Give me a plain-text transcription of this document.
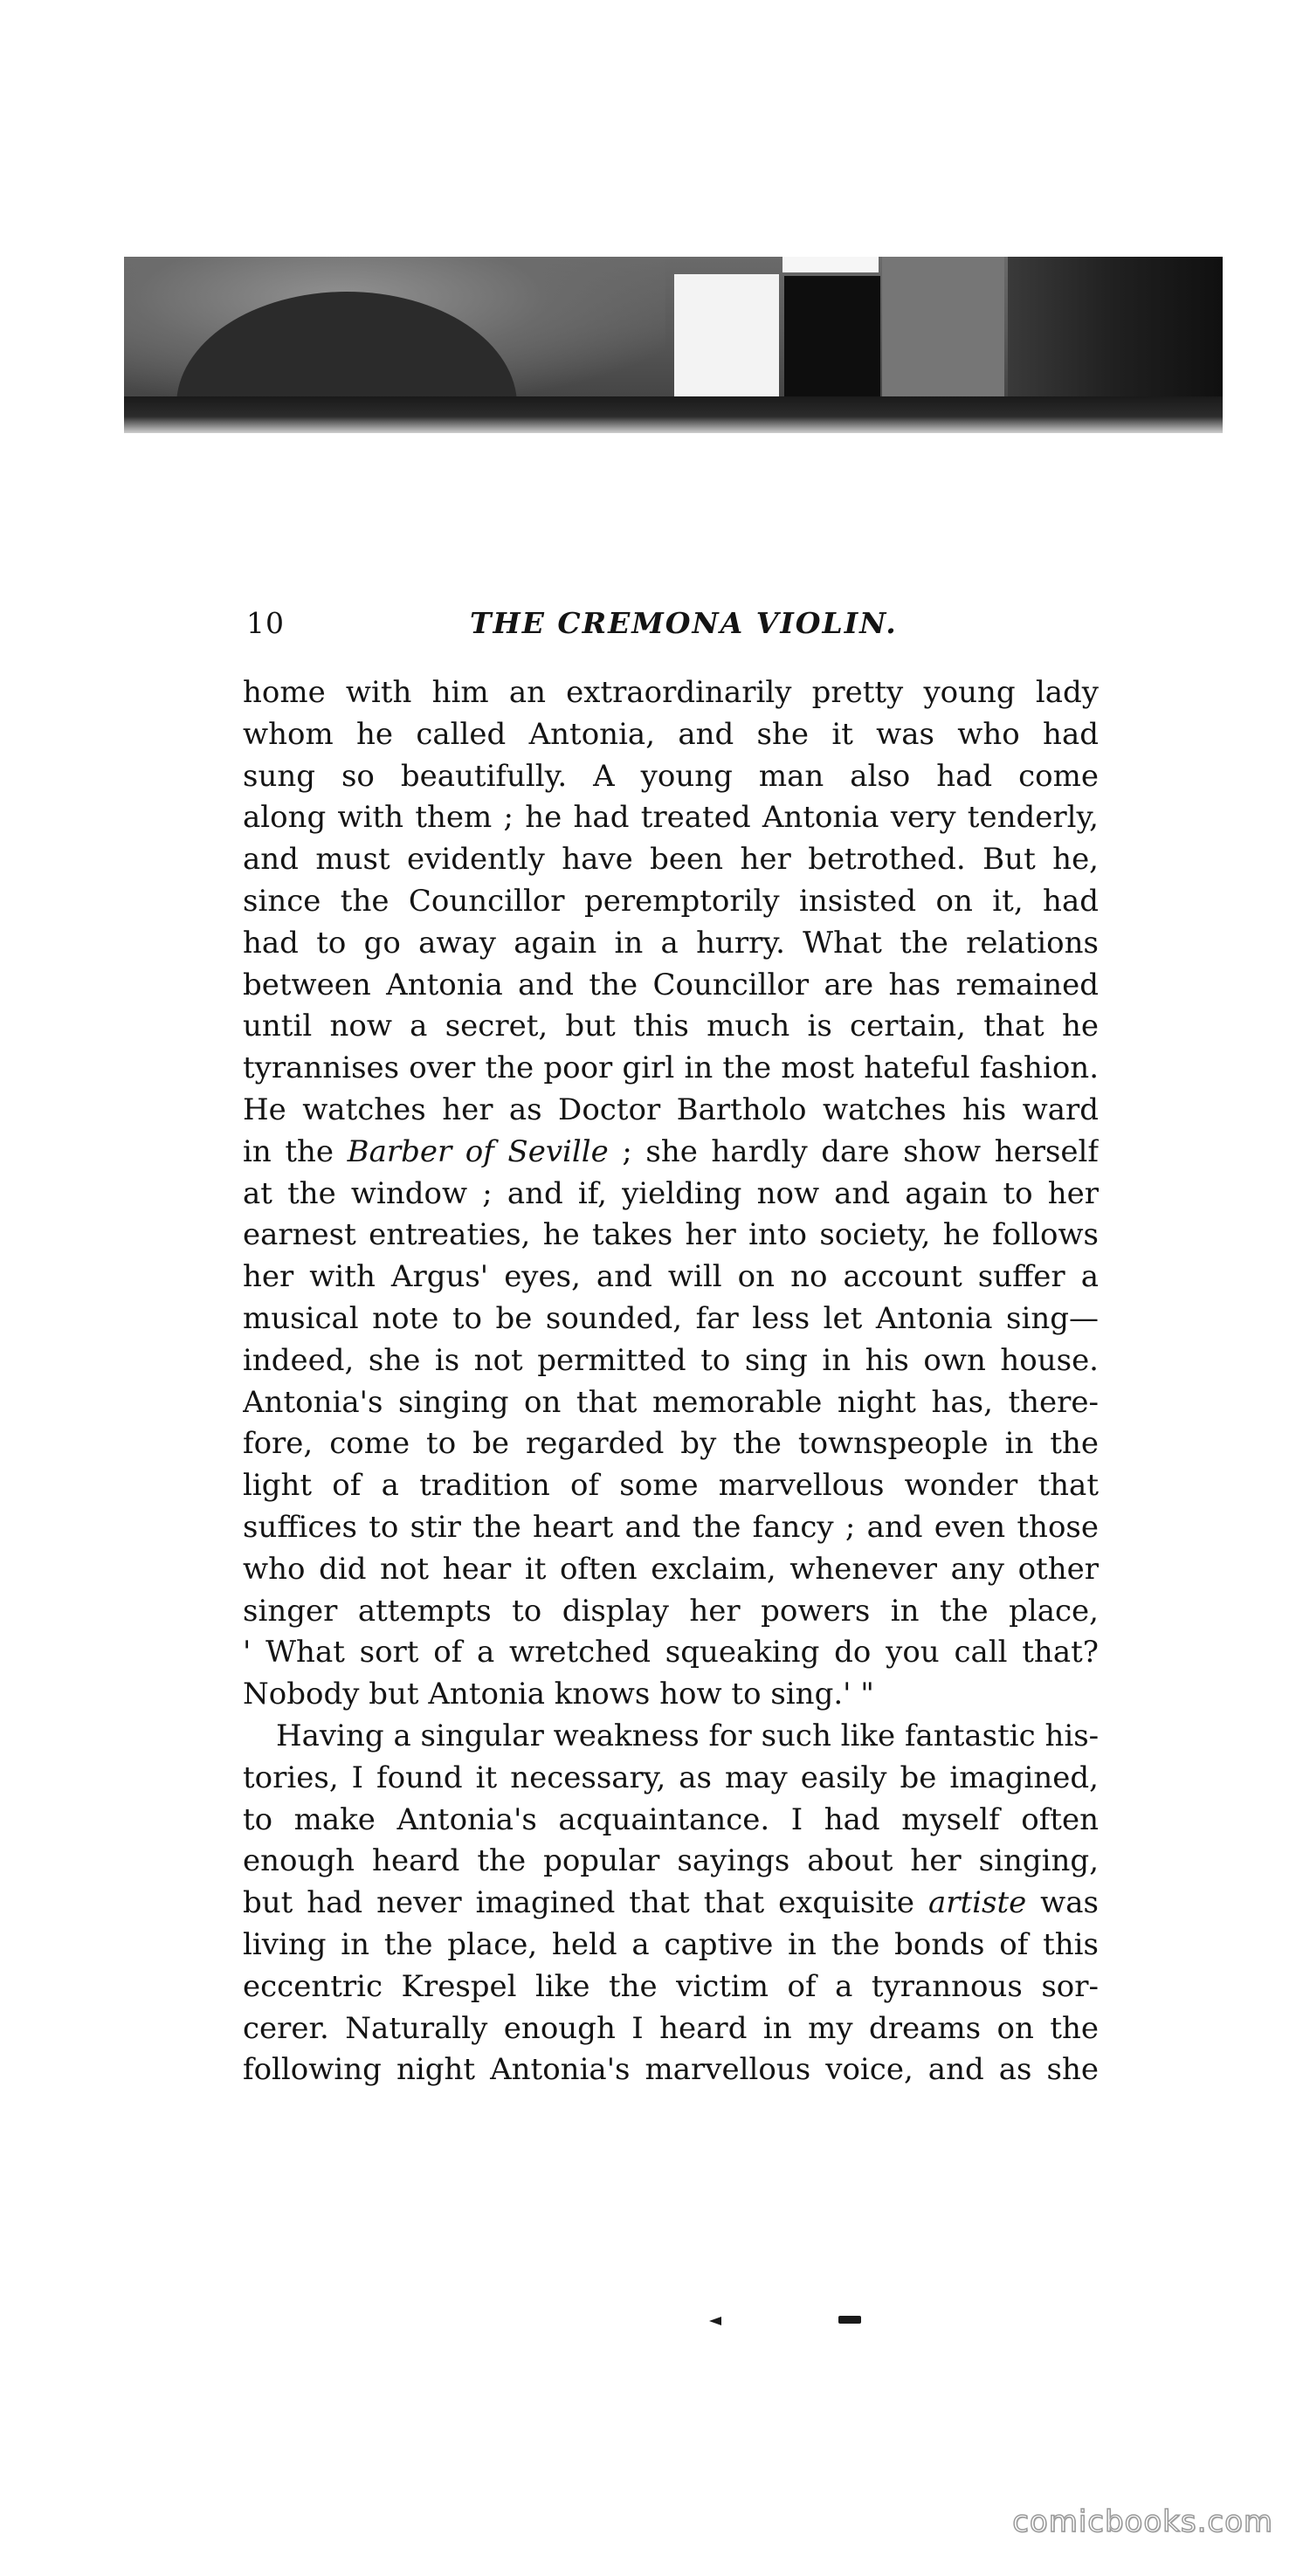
10	THE CREMONA VIOLIN.
home with him an extraordinarily pretty young lady
whom he called Antonia, and she it was who had
sung so beautifully. A young man also had come
along with them ; he had treated Antonia very tenderly,
and must evidently have been her betrothed. But he,
since the Councillor peremptorily insisted on it, had
had to go away again in a hurry. What the relations
between Antonia and the Councillor are has remained
until now a secret, but this much is certain, that he
tyrannises over the poor girl in the most hateful fashion.
He watches her as Doctor Bartholo watches his ward
in the Barber of Seville ; she hardly dare show herself
at the window ; and if, yielding now and again to her
earnest entreaties, he takes her into society, he follows
her with Argus' eyes, and will on no account suffer a
musical note to be sounded, far less let Antonia sing—
indeed, she is not permitted to sing in his own house.
Antonia's singing on that memorable night has, there-
fore, come to be regarded by the townspeople in the
light of a tradition of some marvellous wonder that
suffices to stir the heart and the fancy ; and even those
who did not hear it often exclaim, whenever any other
singer attempts to display her powers in the place,
' What sort of a wretched squeaking do you call that?
Nobody but Antonia knows how to sing.' "
Having a singular weakness for such like fantastic his-
tories, I found it necessary, as may easily be imagined,
to make Antonia's acquaintance. I had myself often
enough heard the popular sayings about her singing,
but had never imagined that that exquisite artiste was
living in the place, held a captive in the bonds of this
eccentric Krespel like the victim of a tyrannous sor-
cerer. Naturally enough I heard in my dreams on the
following night Antonia's marvellous voice, and as she
comicbooks.com
